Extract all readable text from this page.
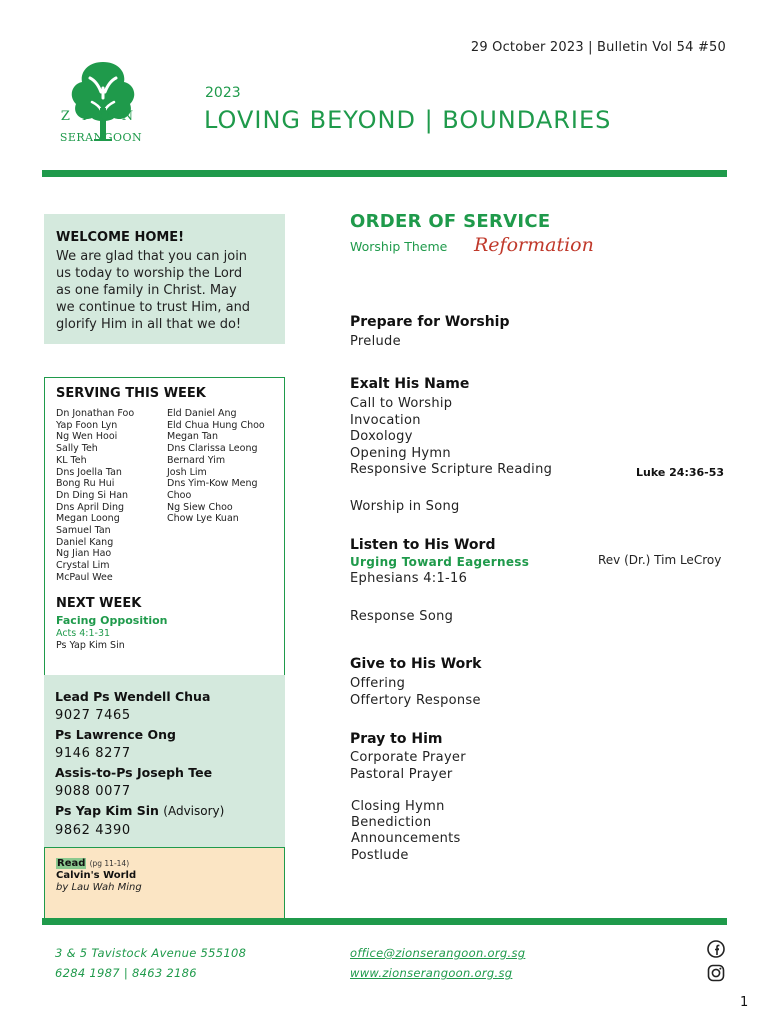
29 October 2023 | Bulletin Vol 54 #50
ZION
SERANGOON
2023
LOVING BEYOND | BOUNDARIES
WELCOME HOME!

We are glad that you can join
us today to worship the Lord
as one family in Christ. May
we continue to trust Him, and
glorify Him in all that we do!

SERVING THIS WEEK
Dn Jonathan Foo
Yap Foon Lyn
Ng Wen Hooi
Sally Teh
KL Teh
Dns Joella Tan
Bong Ru Hui
Dn Ding Si Han
Dns April Ding
Megan Loong
Samuel Tan
Daniel Kang
Ng Jian Hao
Crystal Lim
McPaul Wee
Eld Daniel Ang
Eld Chua Hung Choo
Megan Tan
Dns Clarissa Leong
Bernard Yim
Josh Lim
Dns Yim-Kow Meng
Choo
Ng Siew Choo
Chow Lye Kuan
NEXT WEEK
Facing Opposition
Acts 4:1-31
Ps Yap Kim Sin
Lead Ps Wendell Chua
9027 7465
Ps Lawrence Ong
9146 8277
Assis-to-Ps Joseph Tee
9088 0077
Ps Yap Kim Sin (Advisory)
9862 4390
Read (pg 11-14)
Calvin's World
by Lau Wah Ming
ORDER OF SERVICE
Worship Theme Reformation
Prepare for Worship
Prelude
Exalt His Name
Call to Worship
Invocation
Doxology
Opening Hymn
Responsive Scripture Reading	Luke 24:36-53
Worship in Song
Listen to His Word
Urging Toward Eagerness
Ephesians 4:1-16
Rev (Dr.) Tim LeCroy
Response Song
Give to His Work
Offering
Offertory Response
Pray to Him
Corporate Prayer
Pastoral Prayer
Closing Hymn
Benediction
Announcements
Postlude
3 & 5 Tavistock Avenue 555108
6284 1987 | 8463 2186
office@zionserangoon.org.sg
www.zionserangoon.org.sg
1
